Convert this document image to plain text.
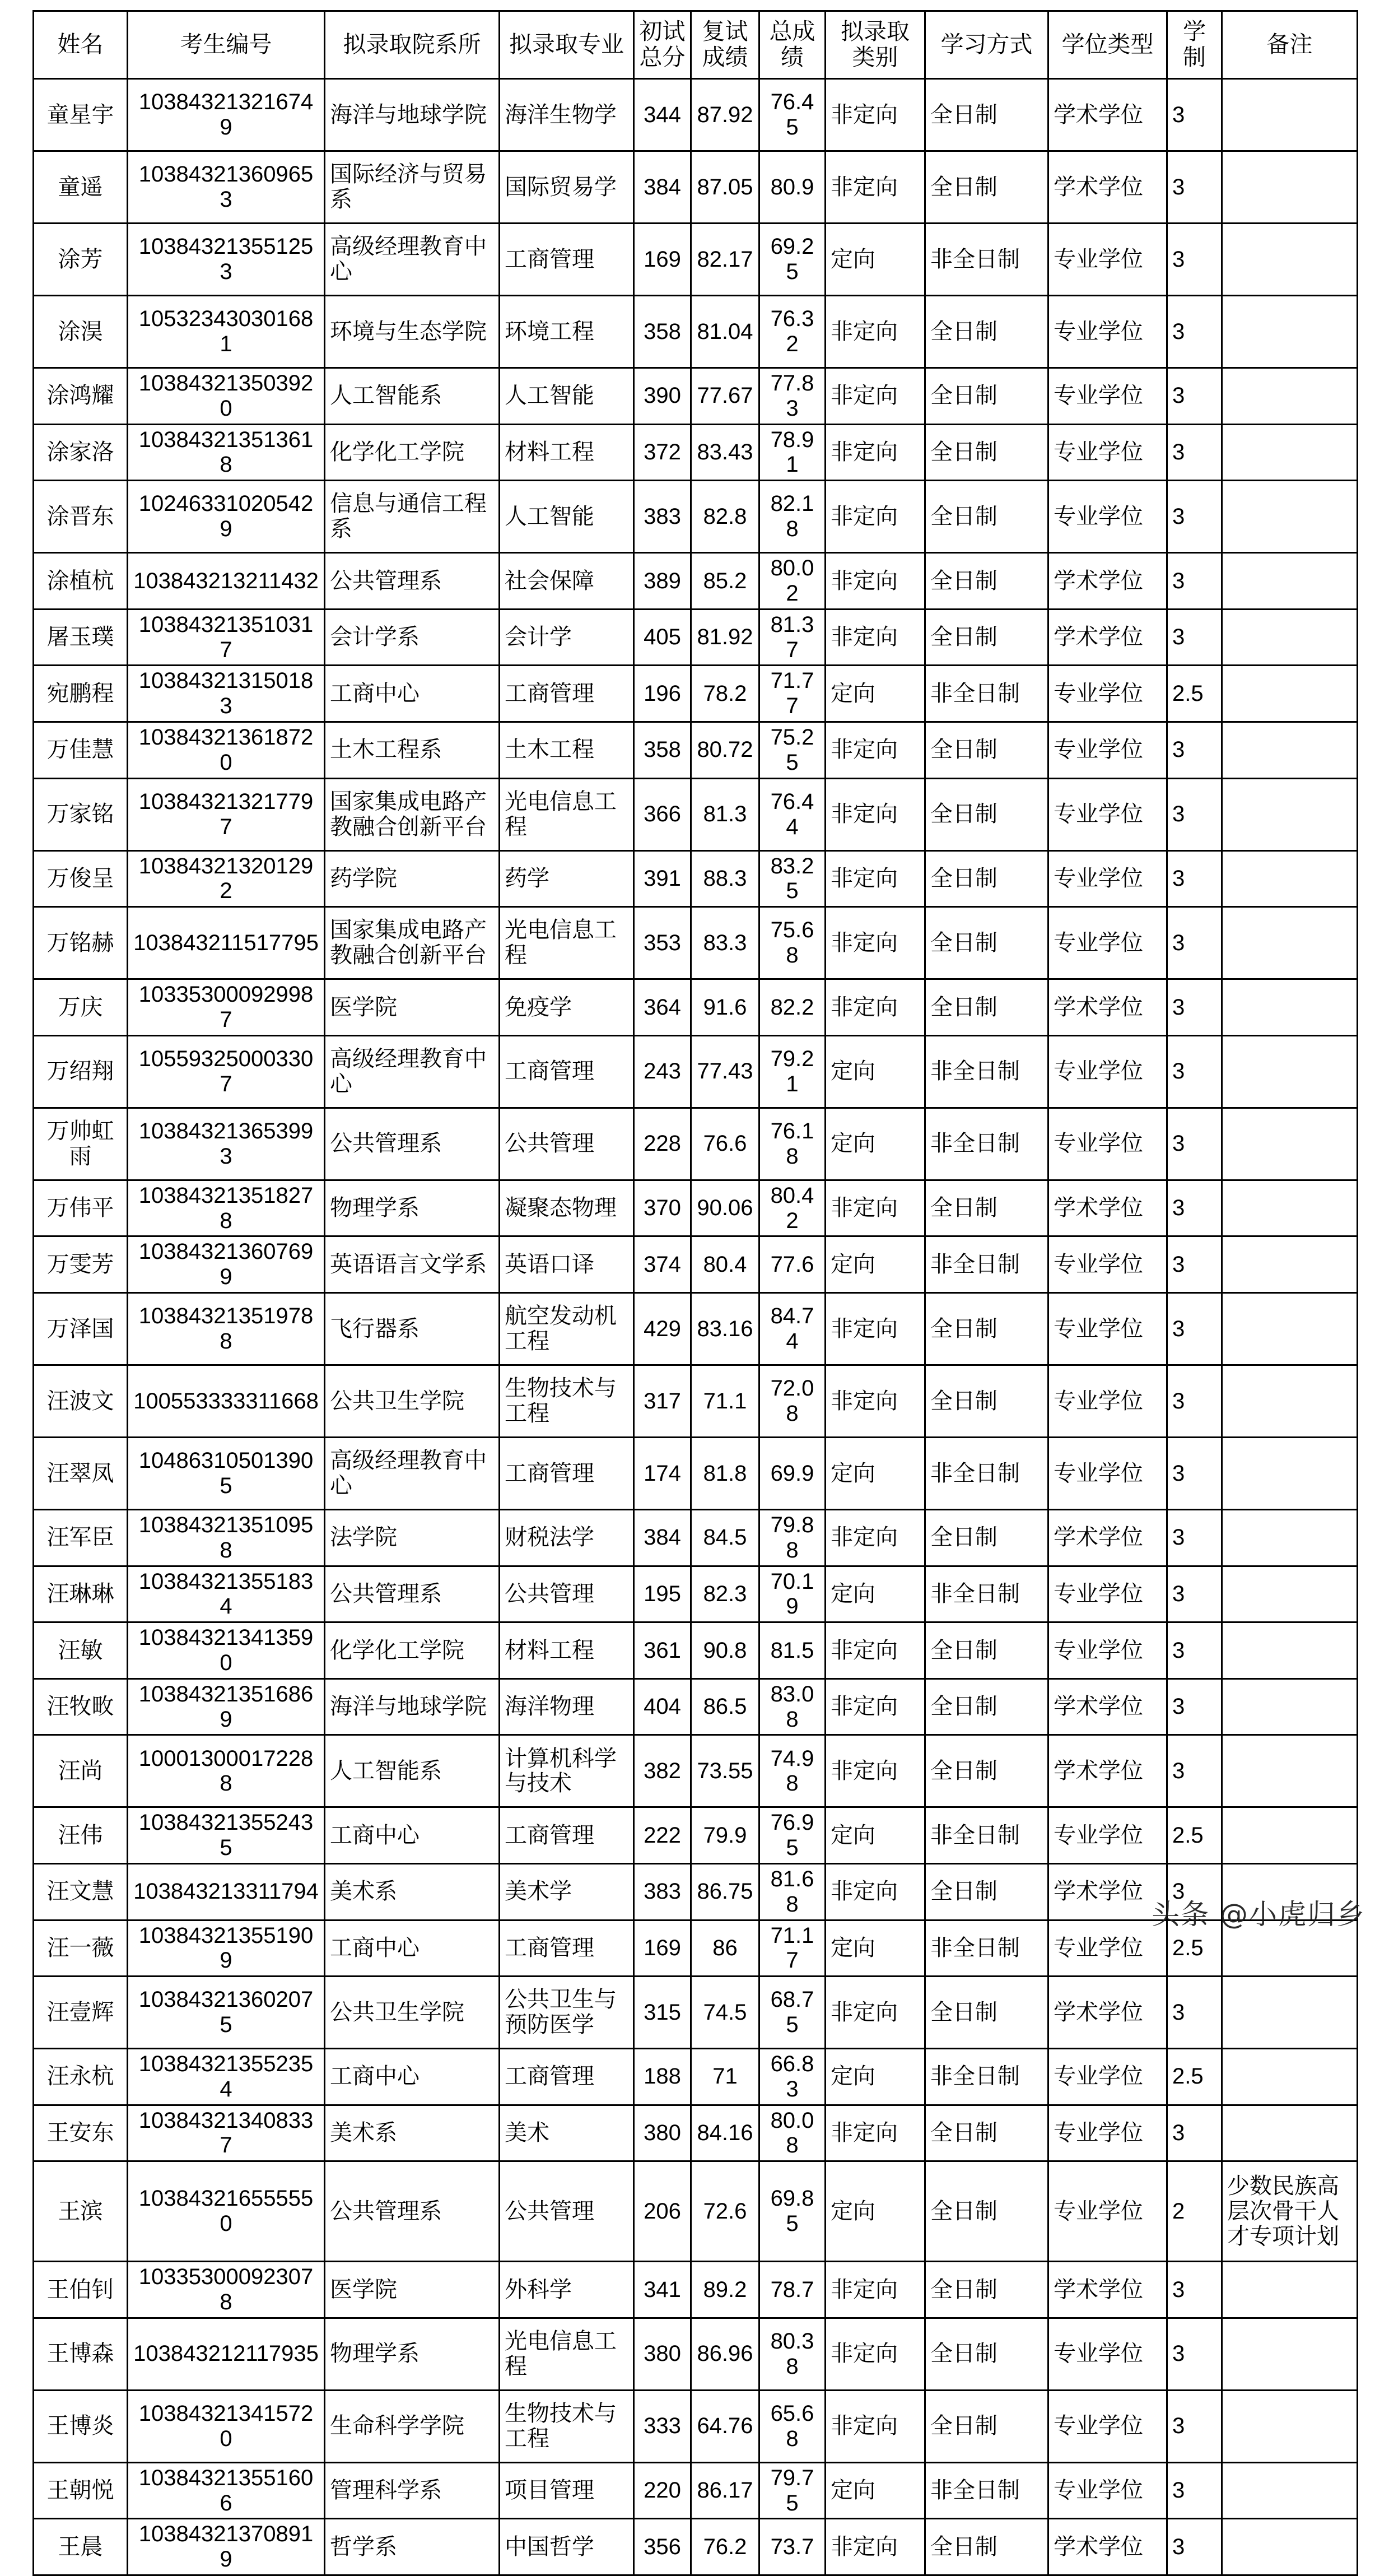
姓名	考生编号	拟录取院系所	拟录取专业	初试总分	复试成绩	总成绩	拟录取类别	学习方式	学位类型	学制	备注
童星宇	103843213216749	海洋与地球学院	海洋生物学	344	87.92	76.45	非定向	全日制	学术学位	3	
童遥	103843213609653	国际经济与贸易系	国际贸易学	384	87.05	80.9	非定向	全日制	学术学位	3	
涂芳	103843213551253	高级经理教育中心	工商管理	169	82.17	69.25	定向	非全日制	专业学位	3	
涂淏	105323430301681	环境与生态学院	环境工程	358	81.04	76.32	非定向	全日制	专业学位	3	
涂鸿耀	103843213503920	人工智能系	人工智能	390	77.67	77.83	非定向	全日制	专业学位	3	
涂家洛	103843213513618	化学化工学院	材料工程	372	83.43	78.91	非定向	全日制	专业学位	3	
涂晋东	102463310205429	信息与通信工程系	人工智能	383	82.8	82.18	非定向	全日制	专业学位	3	
涂植杭	103843213211432	公共管理系	社会保障	389	85.2	80.02	非定向	全日制	学术学位	3	
屠玉璞	103843213510317	会计学系	会计学	405	81.92	81.37	非定向	全日制	学术学位	3	
宛鹏程	103843213150183	工商中心	工商管理	196	78.2	71.77	定向	非全日制	专业学位	2.5	
万佳慧	103843213618720	土木工程系	土木工程	358	80.72	75.25	非定向	全日制	专业学位	3	
万家铭	103843213217797	国家集成电路产教融合创新平台	光电信息工程	366	81.3	76.44	非定向	全日制	专业学位	3	
万俊呈	103843213201292	药学院	药学	391	88.3	83.25	非定向	全日制	专业学位	3	
万铭赫	103843211517795	国家集成电路产教融合创新平台	光电信息工程	353	83.3	75.68	非定向	全日制	专业学位	3	
万庆	103353000929987	医学院	免疫学	364	91.6	82.2	非定向	全日制	学术学位	3	
万绍翔	105593250003307	高级经理教育中心	工商管理	243	77.43	79.21	定向	非全日制	专业学位	3	
万帅虹雨	103843213653993	公共管理系	公共管理	228	76.6	76.18	定向	非全日制	专业学位	3	
万伟平	103843213518278	物理学系	凝聚态物理	370	90.06	80.42	非定向	全日制	学术学位	3	
万雯芳	103843213607699	英语语言文学系	英语口译	374	80.4	77.6	定向	非全日制	专业学位	3	
万泽国	103843213519788	飞行器系	航空发动机工程	429	83.16	84.74	非定向	全日制	专业学位	3	
汪波文	100553333311668	公共卫生学院	生物技术与工程	317	71.1	72.08	非定向	全日制	专业学位	3	
汪翠凤	104863105013905	高级经理教育中心	工商管理	174	81.8	69.9	定向	非全日制	专业学位	3	
汪军臣	103843213510958	法学院	财税法学	384	84.5	79.88	非定向	全日制	学术学位	3	
汪琳琳	103843213551834	公共管理系	公共管理	195	82.3	70.19	定向	非全日制	专业学位	3	
汪敏	103843213413590	化学化工学院	材料工程	361	90.8	81.5	非定向	全日制	专业学位	3	
汪牧畋	103843213516869	海洋与地球学院	海洋物理	404	86.5	83.08	非定向	全日制	学术学位	3	
汪尚	100013000172288	人工智能系	计算机科学与技术	382	73.55	74.98	非定向	全日制	学术学位	3	
汪伟	103843213552435	工商中心	工商管理	222	79.9	76.95	定向	非全日制	专业学位	2.5	
汪文慧	103843213311794	美术系	美术学	383	86.75	81.68	非定向	全日制	学术学位	3	
汪一薇	103843213551909	工商中心	工商管理	169	86	71.17	定向	非全日制	专业学位	2.5	
汪壹辉	103843213602075	公共卫生学院	公共卫生与预防医学	315	74.5	68.75	非定向	全日制	学术学位	3	
汪永杭	103843213552354	工商中心	工商管理	188	71	66.83	定向	非全日制	专业学位	2.5	
王安东	103843213408337	美术系	美术	380	84.16	80.08	非定向	全日制	专业学位	3	
王滨	103843216555550	公共管理系	公共管理	206	72.6	69.85	定向	全日制	专业学位	2	少数民族高层次骨干人才专项计划
王伯钊	103353000923078	医学院	外科学	341	89.2	78.7	非定向	全日制	学术学位	3	
王博森	103843212117935	物理学系	光电信息工程	380	86.96	80.38	非定向	全日制	专业学位	3	
王博炎	103843213415720	生命科学学院	生物技术与工程	333	64.76	65.68	非定向	全日制	专业学位	3	
王朝悦	103843213551606	管理科学系	项目管理	220	86.17	79.75	定向	非全日制	专业学位	3	
王晨	103843213708919	哲学系	中国哲学	356	76.2	73.7	非定向	全日制	学术学位	3	
头条 @小虎归乡
